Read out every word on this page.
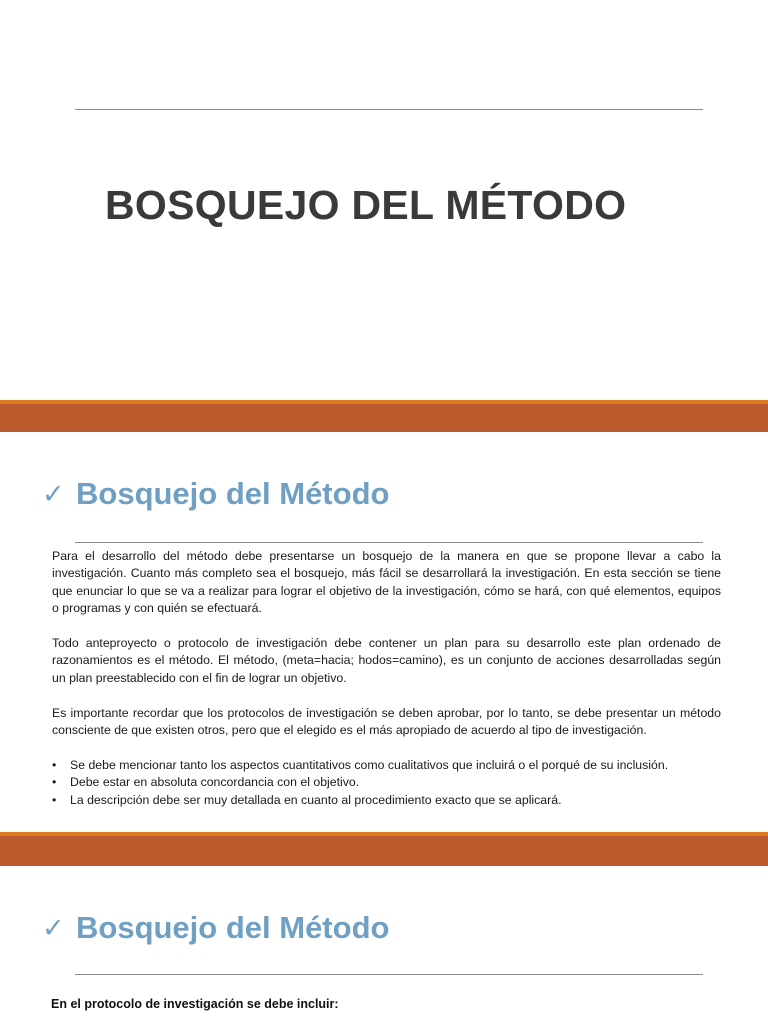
BOSQUEJO DEL MÉTODO
✓ Bosquejo del Método

Para el desarrollo del método debe presentarse un bosquejo de la manera en que se propone llevar a cabo la investigación. Cuanto más completo sea el bosquejo, más fácil se desarrollará la investigación. En esta sección se tiene que enunciar lo que se va a realizar para lograr el objetivo de la investigación, cómo se hará, con qué elementos, equipos o programas y con quién se efectuará.

Todo anteproyecto o protocolo de investigación debe contener un plan para su desarrollo este plan ordenado de razonamientos es el método. El método, (meta=hacia; hodos=camino), es un conjunto de acciones desarrolladas según un plan preestablecido con el fin de lograr un objetivo.

Es importante recordar que los protocolos de investigación se deben aprobar, por lo tanto, se debe presentar un método consciente de que existen otros, pero que el elegido es el más apropiado de acuerdo al tipo de investigación.

• Se debe mencionar tanto los aspectos cuantitativos como cualitativos que incluirá o el porqué de su inclusión.
• Debe estar en absoluta concordancia con el objetivo.
• La descripción debe ser muy detallada en cuanto al procedimiento exacto que se aplicará.
✓ Bosquejo del Método

En el protocolo de investigación se debe incluir:
